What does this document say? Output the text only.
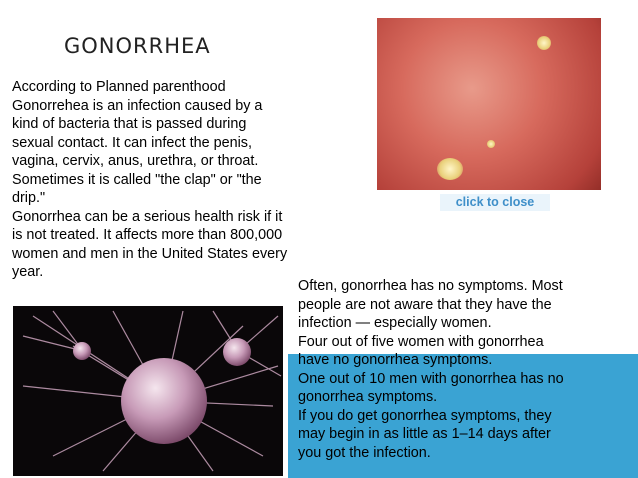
GONORRHEA
According to Planned parenthood
Gonorrehea is an infection caused by a
kind of bacteria that is passed during
sexual contact. It can infect the penis,
vagina, cervix, anus, urethra, or throat.
Sometimes it is called "the clap" or "the
drip."
Gonorrhea can be a serious health risk if it
is not treated. It affects more than 800,000
women and men in the United States every
year.
click to close
Often, gonorrhea has no symptoms. Most
people are not aware that they have the
infection — especially women.
Four out of five women with gonorrhea
have no gonorrhea symptoms.
One out of 10 men with gonorrhea has no
gonorrhea symptoms.
If you do get gonorrhea symptoms, they
may begin in as little as 1–14 days after
you got the infection.
